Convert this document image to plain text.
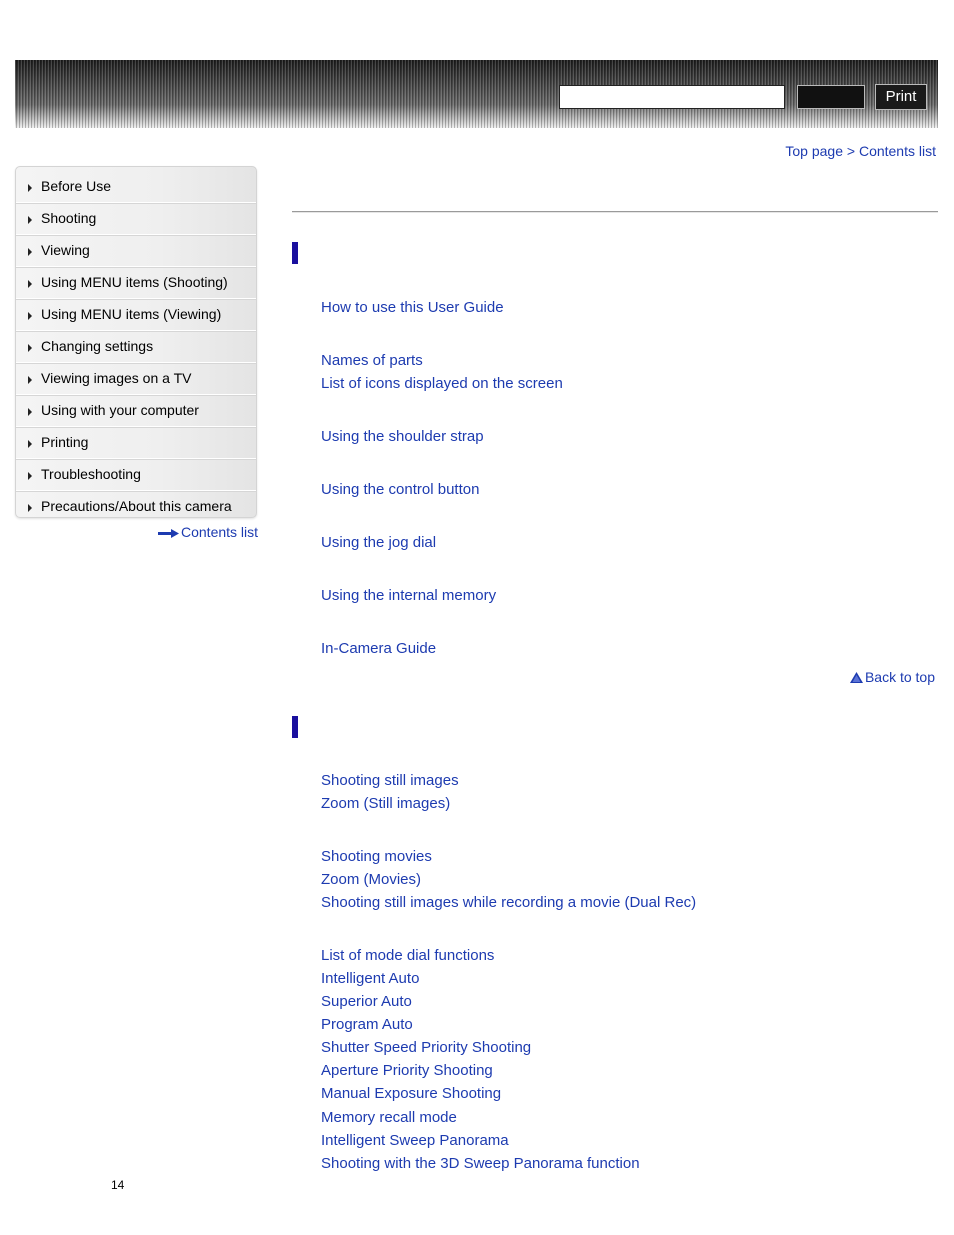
Print
Top page > Contents list
Before Use
Shooting
Viewing
Using MENU items (Shooting)
Using MENU items (Viewing)
Changing settings
Viewing images on a TV
Using with your computer
Printing
Troubleshooting
Precautions/About this camera
Contents list
How to use this User Guide
Names of parts
List of icons displayed on the screen
Using the shoulder strap
Using the control button
Using the jog dial
Using the internal memory
In-Camera Guide
Back to top
Shooting still images
Zoom (Still images)
Shooting movies
Zoom (Movies)
Shooting still images while recording a movie (Dual Rec)
List of mode dial functions
Intelligent Auto
Superior Auto
Program Auto
Shutter Speed Priority Shooting
Aperture Priority Shooting
Manual Exposure Shooting
Memory recall mode
Intelligent Sweep Panorama
Shooting with the 3D Sweep Panorama function
14
